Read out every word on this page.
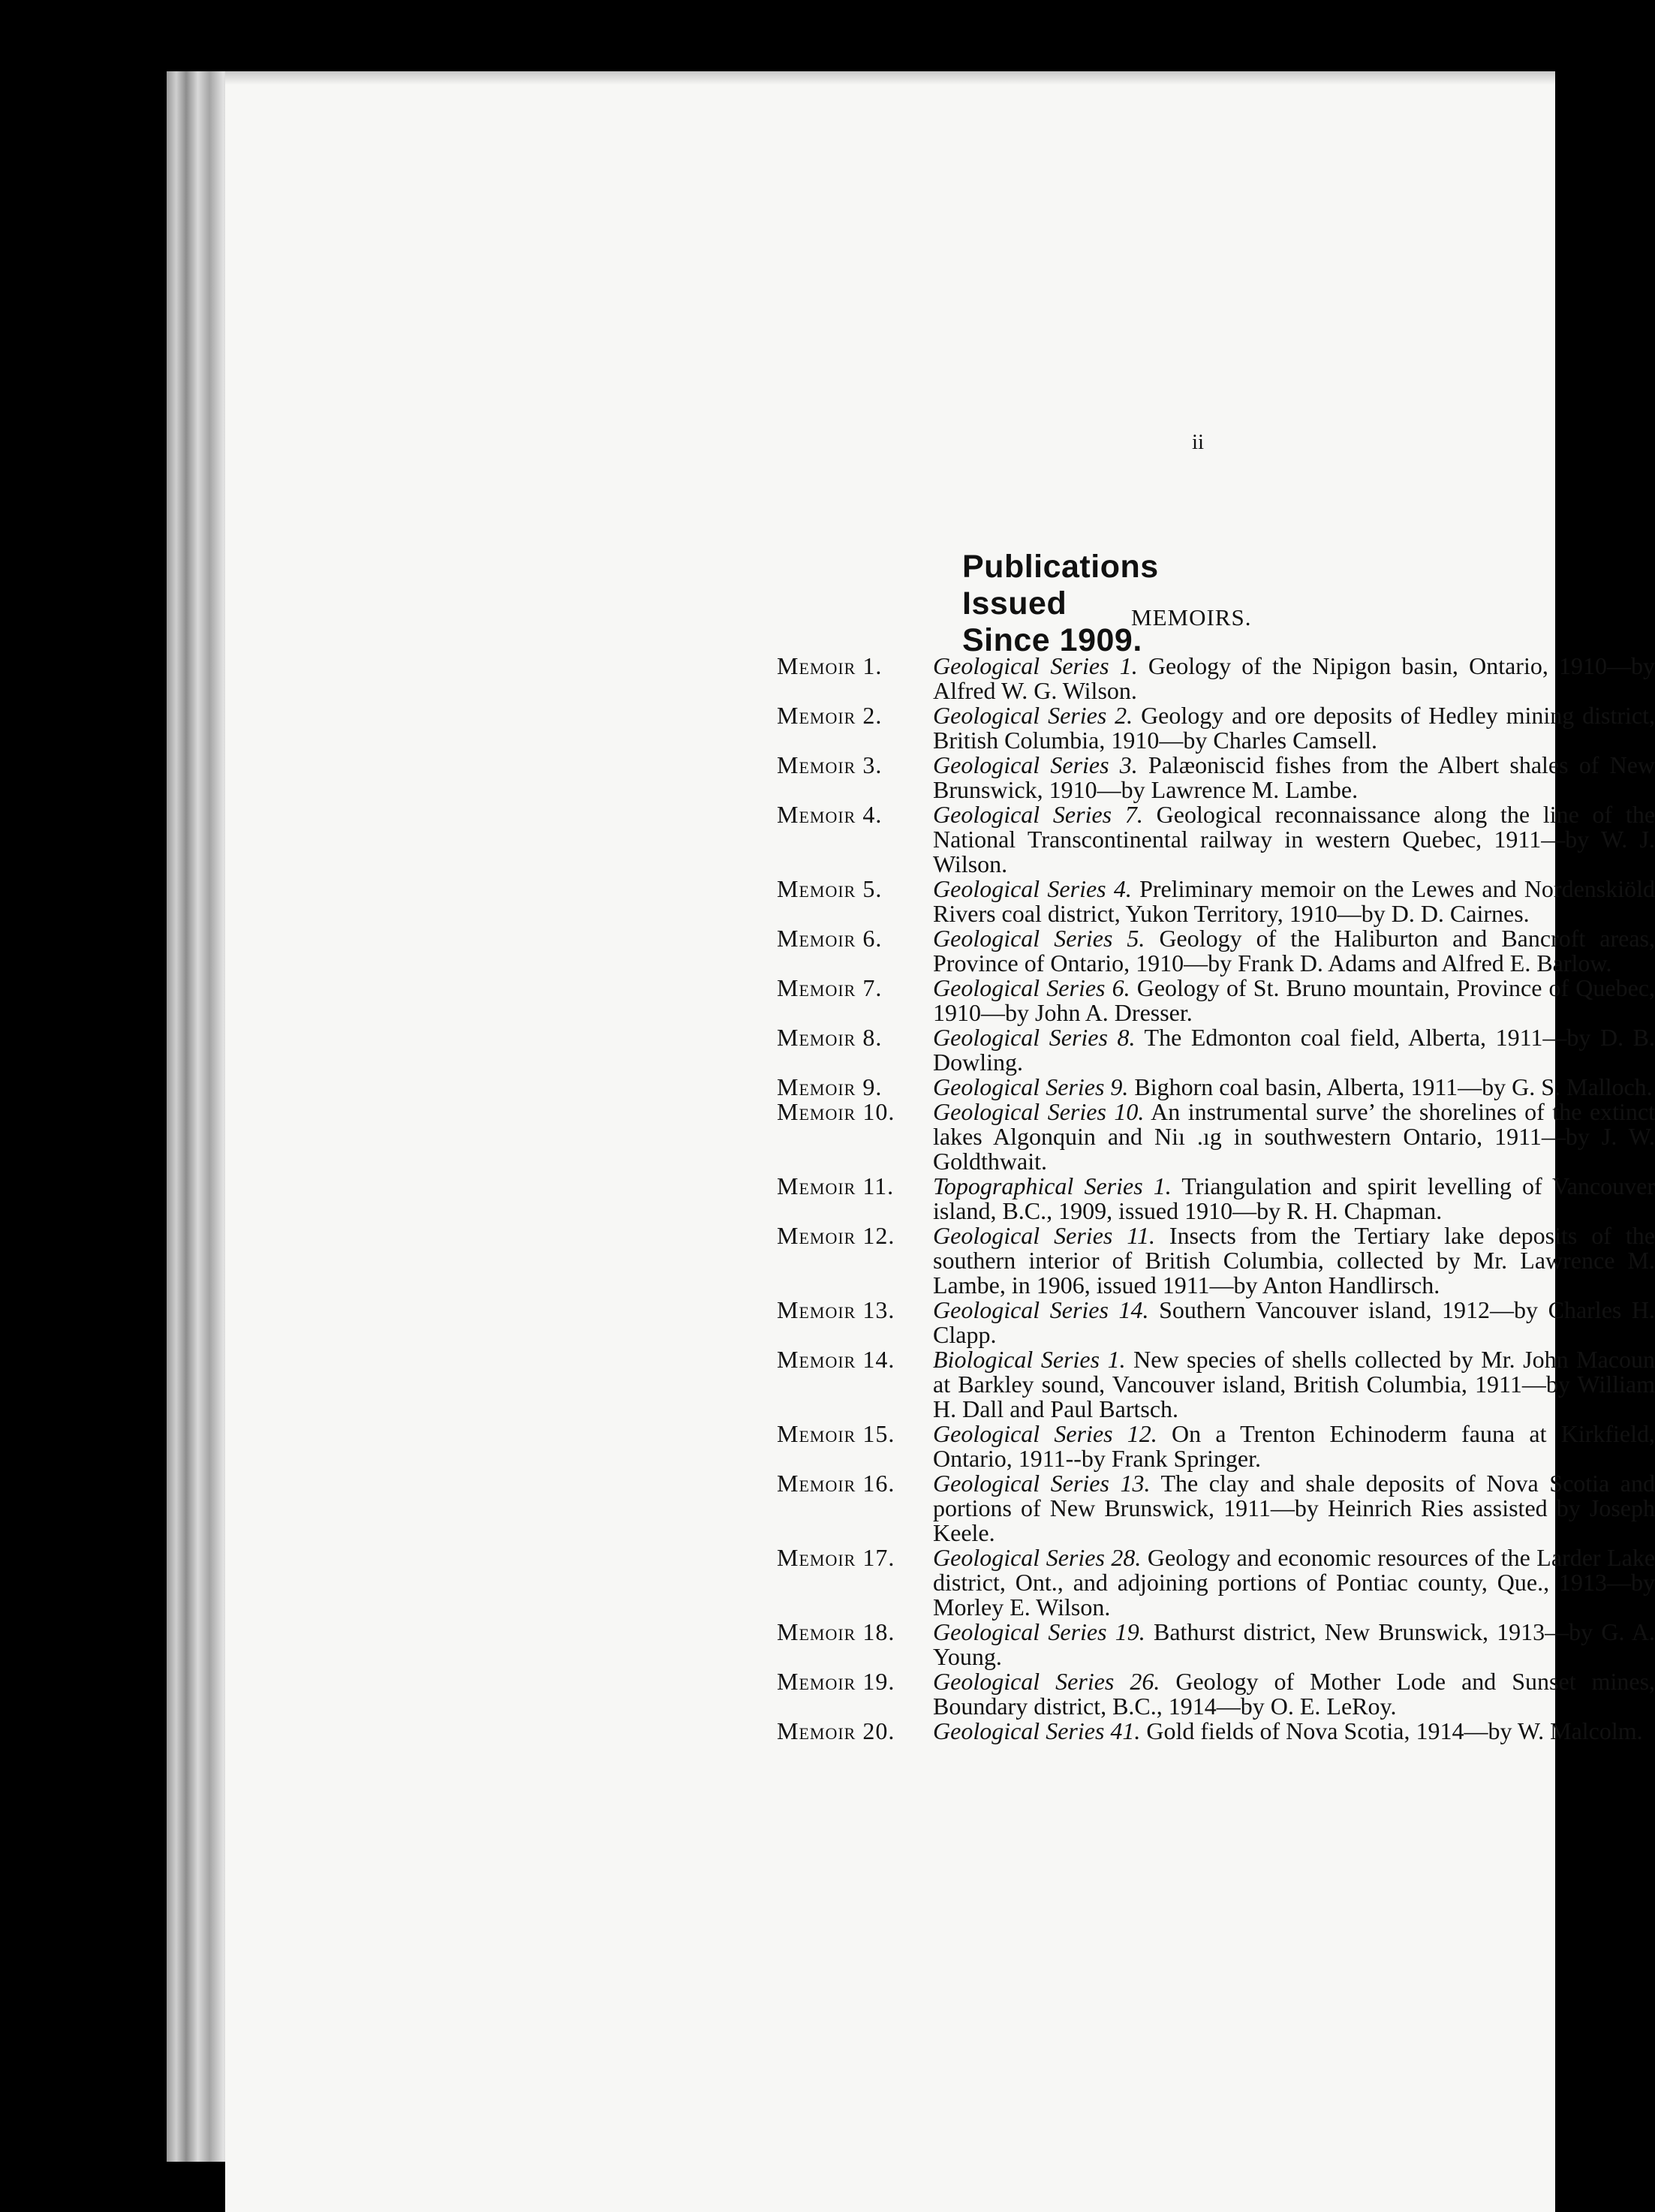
ii
Publications Issued Since 1909.
MEMOIRS.
Memoir 1.	Geological Series 1. Geology of the Nipigon basin, Ontario, 1910—by Alfred W. G. Wilson.
Memoir 2.	Geological Series 2. Geology and ore deposits of Hedley mining district, British Columbia, 1910—by Charles Camsell.
Memoir 3.	Geological Series 3. Palæoniscid fishes from the Albert shales of New Brunswick, 1910—by Lawrence M. Lambe.
Memoir 4.	Geological Series 7. Geological reconnaissance along the line of the National Transcontinental railway in western Quebec, 1911—by W. J. Wilson.
Memoir 5.	Geological Series 4. Preliminary memoir on the Lewes and Nordenskiöld Rivers coal district, Yukon Territory, 1910—by D. D. Cairnes.
Memoir 6.	Geological Series 5. Geology of the Haliburton and Bancroft areas, Province of Ontario, 1910—by Frank D. Adams and Alfred E. Barlow.
Memoir 7.	Geological Series 6. Geology of St. Bruno mountain, Province of Quebec, 1910—by John A. Dresser.
Memoir 8.	Geological Series 8. The Edmonton coal field, Alberta, 1911—by D. B. Dowling.
Memoir 9.	Geological Series 9. Bighorn coal basin, Alberta, 1911—by G. S. Malloch.
Memoir 10.	Geological Series 10. An instrumental surve’ the shorelines of the extinct lakes Algonquin and Niı .ıg in southwestern Ontario, 1911—by J. W. Goldthwait.
Memoir 11.	Topographical Series 1. Triangulation and spirit levelling of Vancouver island, B.C., 1909, issued 1910—by R. H. Chapman.
Memoir 12.	Geological Series 11. Insects from the Tertiary lake deposits of the southern interior of British Columbia, collected by Mr. Lawrence M. Lambe, in 1906, issued 1911—by Anton Handlirsch.
Memoir 13.	Geological Series 14. Southern Vancouver island, 1912—by Charles H. Clapp.
Memoir 14.	Biological Series 1. New species of shells collected by Mr. John Macoun at Barkley sound, Vancouver island, British Columbia, 1911—by William H. Dall and Paul Bartsch.
Memoir 15.	Geological Series 12. On a Trenton Echinoderm fauna at Kirkfield, Ontario, 1911--by Frank Springer.
Memoir 16.	Geological Series 13. The clay and shale deposits of Nova Scotia and portions of New Brunswick, 1911—by Heinrich Ries assisted by Joseph Keele.
Memoir 17.	Geological Series 28. Geology and economic resources of the Larder Lake district, Ont., and adjoining portions of Pontiac county, Que., 1913—by Morley E. Wilson.
Memoir 18.	Geological Series 19. Bathurst district, New Brunswick, 1913—by G. A. Young.
Memoir 19.	Geological Series 26. Geology of Mother Lode and Sunset mines, Boundary district, B.C., 1914—by O. E. LeRoy.
Memoir 20.	Geological Series 41. Gold fields of Nova Scotia, 1914—by W. Malcolm.
